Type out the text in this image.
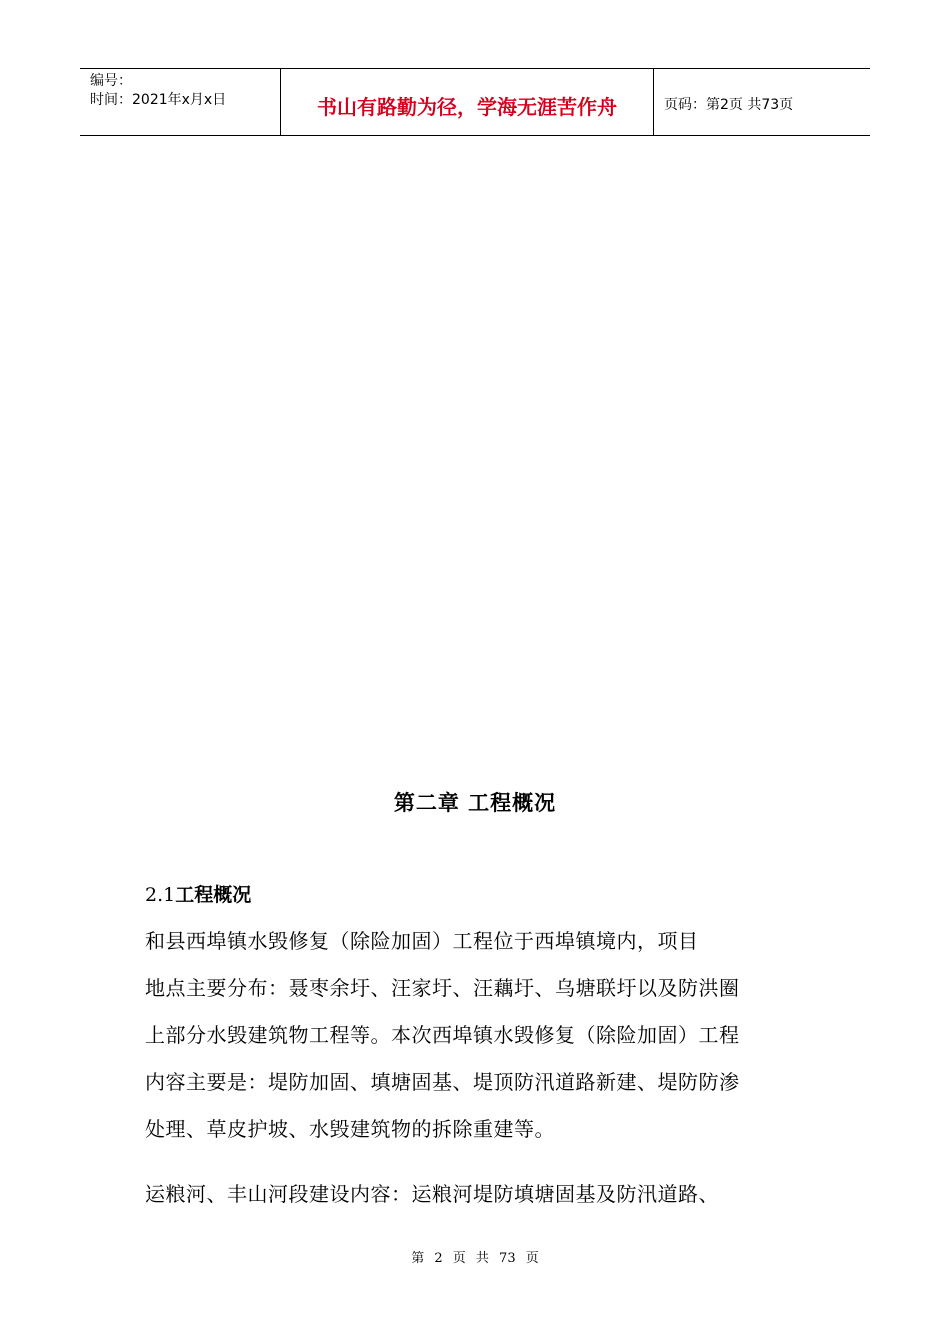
编号：
时间：2021年x月x日	书山有路勤为径，学海无涯苦作舟	页码：第2页 共73页
第二章 工程概况
2.1工程概况
和县西埠镇水毁修复（除险加固）工程位于西埠镇境内，项目
地点主要分布：聂枣余圩、汪家圩、汪藕圩、乌塘联圩以及防洪圈
上部分水毁建筑物工程等。本次西埠镇水毁修复（除险加固）工程
内容主要是：堤防加固、填塘固基、堤顶防汛道路新建、堤防防渗
处理、草皮护坡、水毁建筑物的拆除重建等。
运粮河、丰山河段建设内容：运粮河堤防填塘固基及防汛道路、
第 2 页 共 73 页
